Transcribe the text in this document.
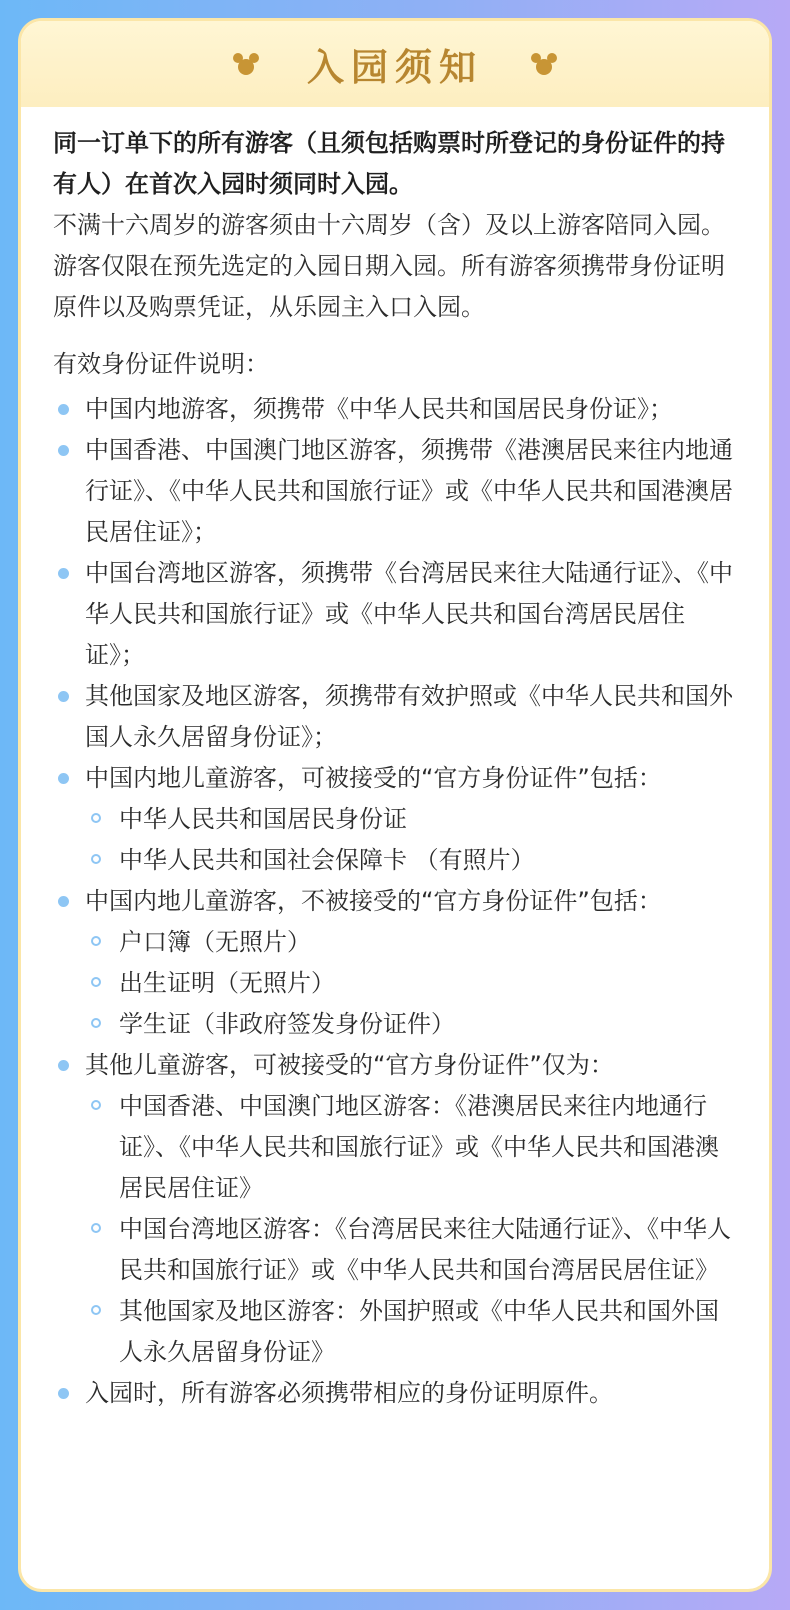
入园须知

同一订单下的所有游客（且须包括购票时所登记的身份证件的持有人）在首次入园时须同时入园。

不满十六周岁的游客须由十六周岁（含）及以上游客陪同入园。

游客仅限在预先选定的入园日期入园。所有游客须携带身份证明原件以及购票凭证，从乐园主入口入园。

有效身份证件说明：

中国内地游客，须携带《中华人民共和国居民身份证》；
中国香港、中国澳门地区游客，须携带《港澳居民来往内地通行证》、《中华人民共和国旅行证》或《中华人民共和国港澳居民居住证》；
中国台湾地区游客，须携带《台湾居民来往大陆通行证》、《中华人民共和国旅行证》或《中华人民共和国台湾居民居住证》；
其他国家及地区游客，须携带有效护照或《中华人民共和国外国人永久居留身份证》；
中国内地儿童游客，可被接受的“官方身份证件”包括：
中华人民共和国居民身份证
中华人民共和国社会保障卡 （有照片）
中国内地儿童游客，不被接受的“官方身份证件”包括：
户口簿（无照片）
出生证明（无照片）
学生证（非政府签发身份证件）
其他儿童游客，可被接受的“官方身份证件”仅为：
中国香港、中国澳门地区游客：《港澳居民来往内地通行证》、《中华人民共和国旅行证》或《中华人民共和国港澳居民居住证》
中国台湾地区游客：《台湾居民来往大陆通行证》、《中华人民共和国旅行证》或《中华人民共和国台湾居民居住证》
其他国家及地区游客：外国护照或《中华人民共和国外国人永久居留身份证》
入园时，所有游客必须携带相应的身份证明原件。
